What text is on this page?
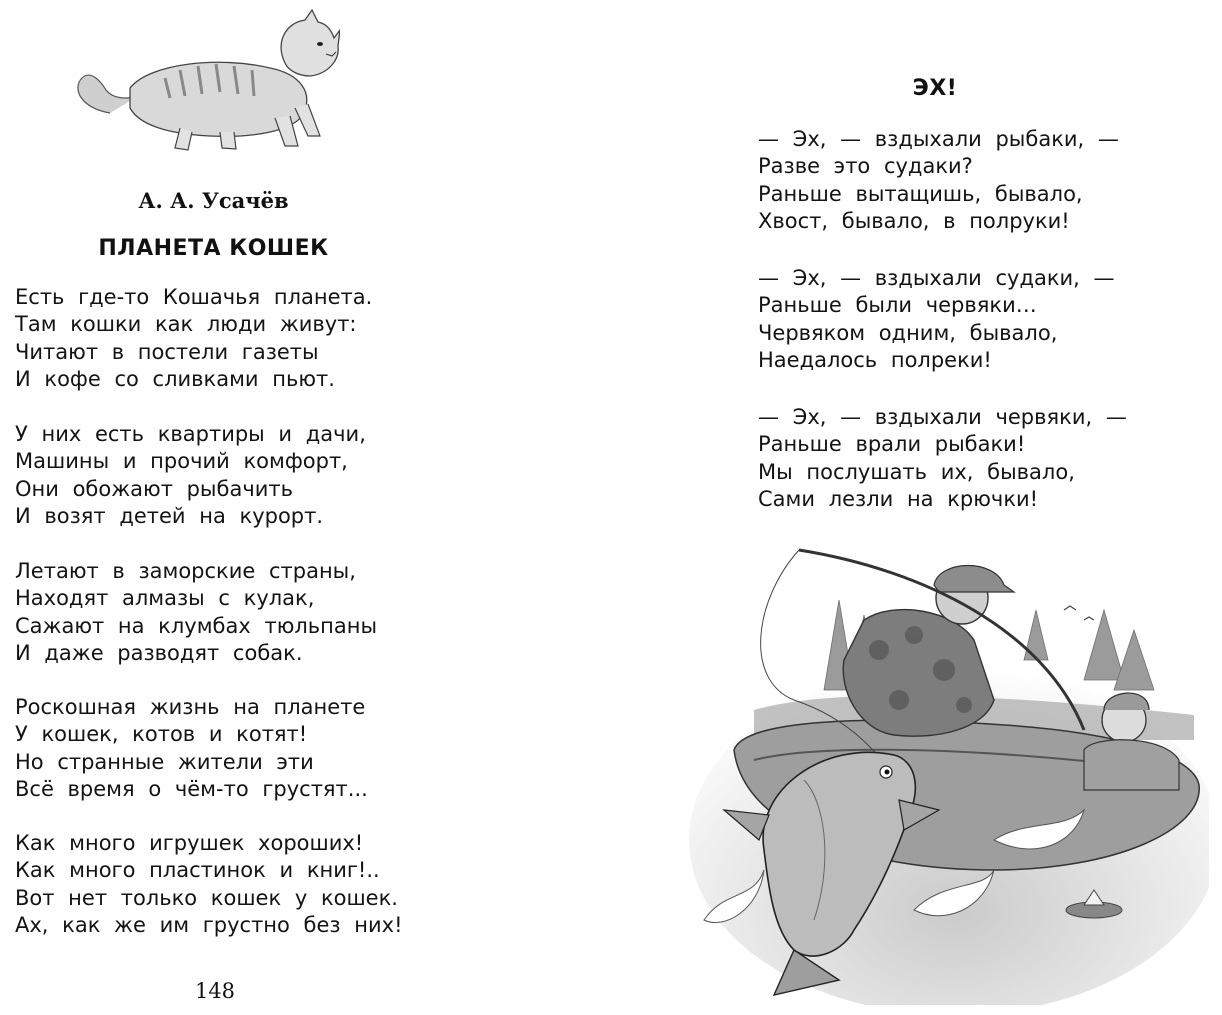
А. А. Усачёв
ПЛАНЕТА КОШЕК
Есть где-то Кошачья планета.
Там кошки как люди живут:
Читают в постели газеты
И кофе со сливками пьют.
У них есть квартиры и дачи,
Машины и прочий комфорт,
Они обожают рыбачить
И возят детей на курорт.
Летают в заморские страны,
Находят алмазы с кулак,
Сажают на клумбах тюльпаны
И даже разводят собак.
Роскошная жизнь на планете
У кошек, котов и котят!
Но странные жители эти
Всё время о чём-то грустят...
Как много игрушек хороших!
Как много пластинок и книг!..
Вот нет только кошек у кошек.
Ах, как же им грустно без них!
148
ЭХ!
— Эх, — вздыхали рыбаки, —
Разве это судаки?
Раньше вытащишь, бывало,
Хвост, бывало, в полруки!
— Эх, — вздыхали судаки, —
Раньше были червяки…
Червяком одним, бывало,
Наедалось полреки!
— Эх, — вздыхали червяки, —
Раньше врали рыбаки!
Мы послушать их, бывало,
Сами лезли на крючки!
